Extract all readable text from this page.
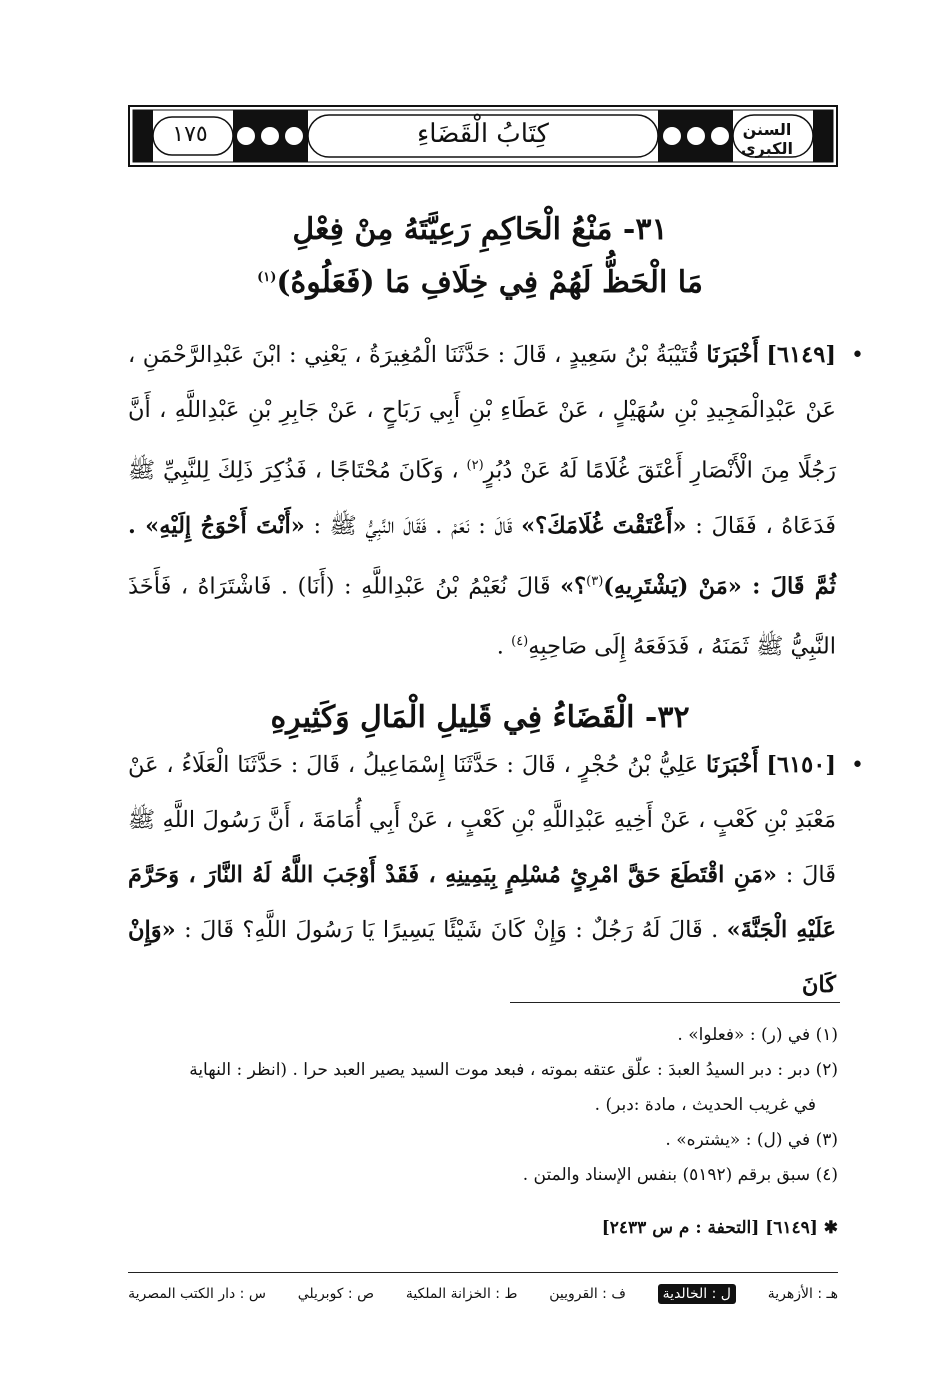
١٧٥	كِتَابُ الْقَضَاءِ	السنن الكبرى
٣١- مَنْعُ الْحَاكِمِ رَعِيَّتَهُ مِنْ فِعْلِ
مَا الْحَظُّ لَهُمْ فِي خِلَافِ مَا (فَعَلُوهُ)$^{(١)}$
•
[٦١٤٩] أَخْبَرَنَا قُتَيْبَةُ بْنُ سَعِيدٍ ، قَالَ : حَدَّثَنَا الْمُغِيرَةُ ، يَعْنِي : ابْنَ عَبْدِالرَّحْمَنِ ، عَنْ عَبْدِالْمَجِيدِ بْنِ سُهَيْلٍ ، عَنْ عَطَاءِ بْنِ أَبِي رَبَاحٍ ، عَنْ جَابِرِ بْنِ عَبْدِاللَّهِ ، أَنَّ رَجُلًا مِنَ الْأَنْصَارِ أَعْتَقَ غُلَامًا لَهُ عَنْ دُبُرٍ$^{(٢)}$ ، وَكَانَ مُحْتَاجًا ، فَذُكِرَ ذَلِكَ لِلنَّبِيِّ ﷺ فَدَعَاهُ ، فَقَالَ : «أَعْتَقْتَ غُلَامَكَ؟» قَالَ : نَعَمْ . فَقَالَ النَّبِيُّ ﷺ : «أَنْتَ أَحْوَجُ إِلَيْهِ» . ثُمَّ قَالَ : «مَنْ (يَشْتَرِيهِ)$^{(٣)}$؟» قَالَ نُعَيْمُ بْنُ عَبْدِاللَّهِ : (أَنَا) . فَاشْتَرَاهُ ، فَأَخَذَ النَّبِيُّ ﷺ ثَمَنَهُ ، فَدَفَعَهُ إِلَى صَاحِبِهِ$^{(٤)}$ .
٣٢- الْقَضَاءُ فِي قَلِيلِ الْمَالِ وَكَثِيرِهِ
•
[٦١٥٠] أَخْبَرَنَا عَلِيُّ بْنُ حُجْرٍ ، قَالَ : حَدَّثَنَا إِسْمَاعِيلُ ، قَالَ : حَدَّثَنَا الْعَلَاءُ ، عَنْ مَعْبَدِ بْنِ كَعْبٍ ، عَنْ أَخِيهِ عَبْدِاللَّهِ بْنِ كَعْبٍ ، عَنْ أَبِي أُمَامَةَ ، أَنَّ رَسُولَ اللَّهِ ﷺ قَالَ : «مَنِ اقْتَطَعَ حَقَّ امْرِئٍ مُسْلِمٍ بِيَمِينِهِ ، فَقَدْ أَوْجَبَ اللَّهُ لَهُ النَّارَ ، وَحَرَّمَ عَلَيْهِ الْجَنَّةَ» . قَالَ لَهُ رَجُلٌ : وَإِنْ كَانَ شَيْئًا يَسِيرًا يَا رَسُولَ اللَّهِ؟ قَالَ : «وَإِنْ كَانَ
(١) في (ر) : «فعلوا» .
(٢) دبر : دبر السيدُ العبدَ : علّق عتقه بموته ، فبعد موت السيد يصير العبد حرا . (انظر : النهاية
في غريب الحديث ، مادة :دبر) .
(٣) في (ل) : «يشتره» .
(٤) سبق برقم (٥١٩٢) بنفس الإسناد والمتن .
✱ [٦١٤٩] [التحفة : م س ٢٤٣٣]
س : دار الكتب المصرية ص : كوبريلي ط : الخزانة الملكية ف : القرويين	ل : الخالدية	هـ : الأزهرية
